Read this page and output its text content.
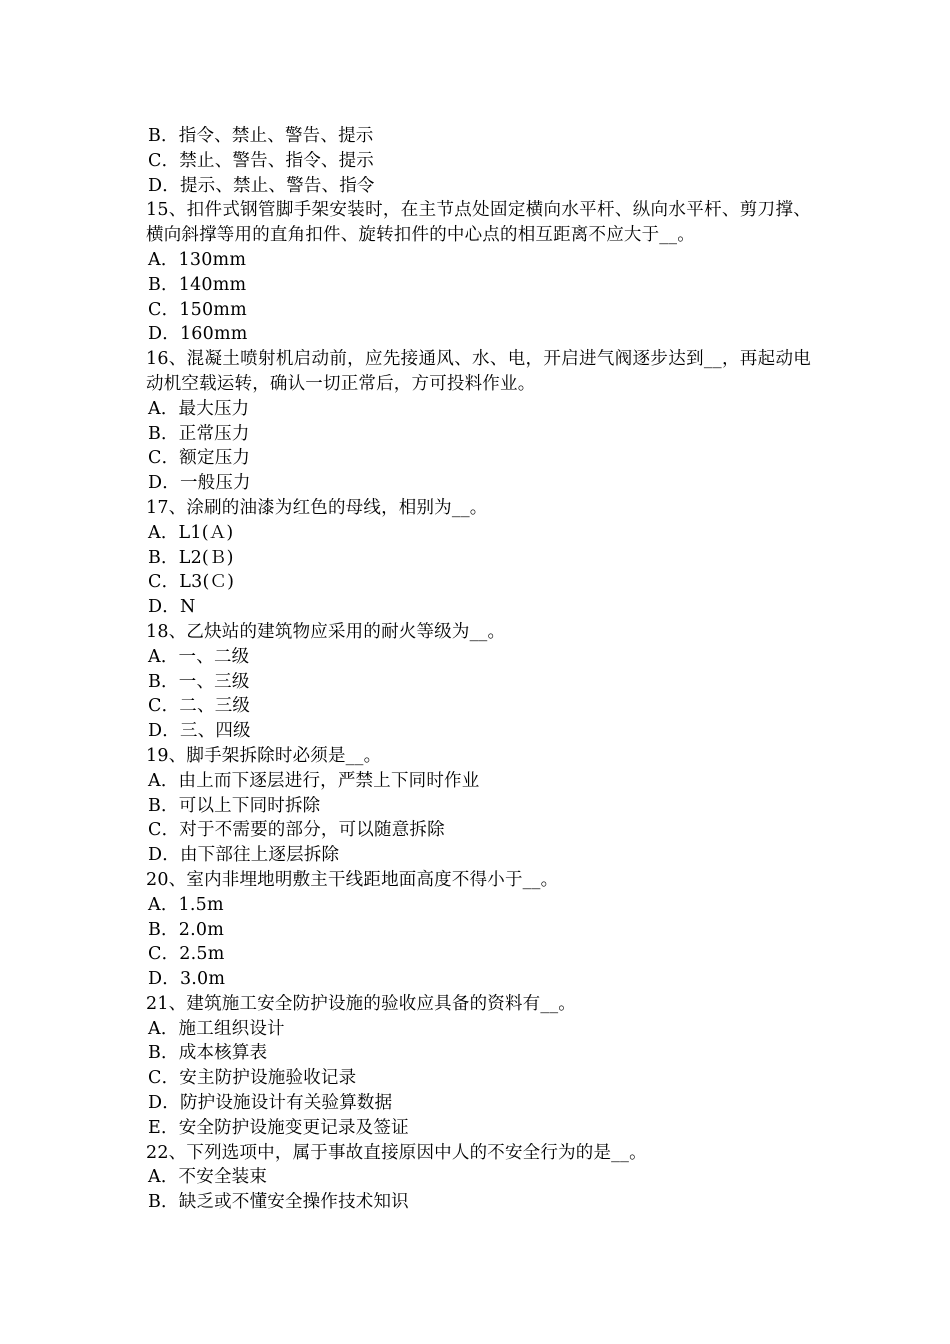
B．指令、禁止、警告、提示
C．禁止、警告、指令、提示
D．提示、禁止、警告、指令
15、扣件式钢管脚手架安装时，在主节点处固定横向水平杆、纵向水平杆、剪刀撑、横向斜撑等用的直角扣件、旋转扣件的中心点的相互距离不应大于__。
A．130mm
B．140mm
C．150mm
D．160mm
16、混凝土喷射机启动前，应先接通风、水、电，开启进气阀逐步达到__，再起动电动机空载运转，确认一切正常后，方可投料作业。
A．最大压力
B．正常压力
C．额定压力
D．一般压力
17、涂刷的油漆为红色的母线，相别为__。
A．L1(Ａ)
B．L2(Ｂ)
C．L3(Ｃ)
D．N
18、乙炔站的建筑物应采用的耐火等级为__。
A．一、二级
B．一、三级
C．二、三级
D．三、四级
19、脚手架拆除时必须是__。
A．由上而下逐层进行，严禁上下同时作业
B．可以上下同时拆除
C．对于不需要的部分，可以随意拆除
D．由下部往上逐层拆除
20、室内非埋地明敷主干线距地面高度不得小于__。
A．1.5m
B．2.0m
C．2.5m
D．3.0m
21、建筑施工安全防护设施的验收应具备的资料有__。
A．施工组织设计
B．成本核算表
C．安主防护设施验收记录
D．防护设施设计有关验算数据
E．安全防护设施变更记录及签证
22、下列选项中，属于事故直接原因中人的不安全行为的是__。
A．不安全装束
B．缺乏或不懂安全操作技术知识
